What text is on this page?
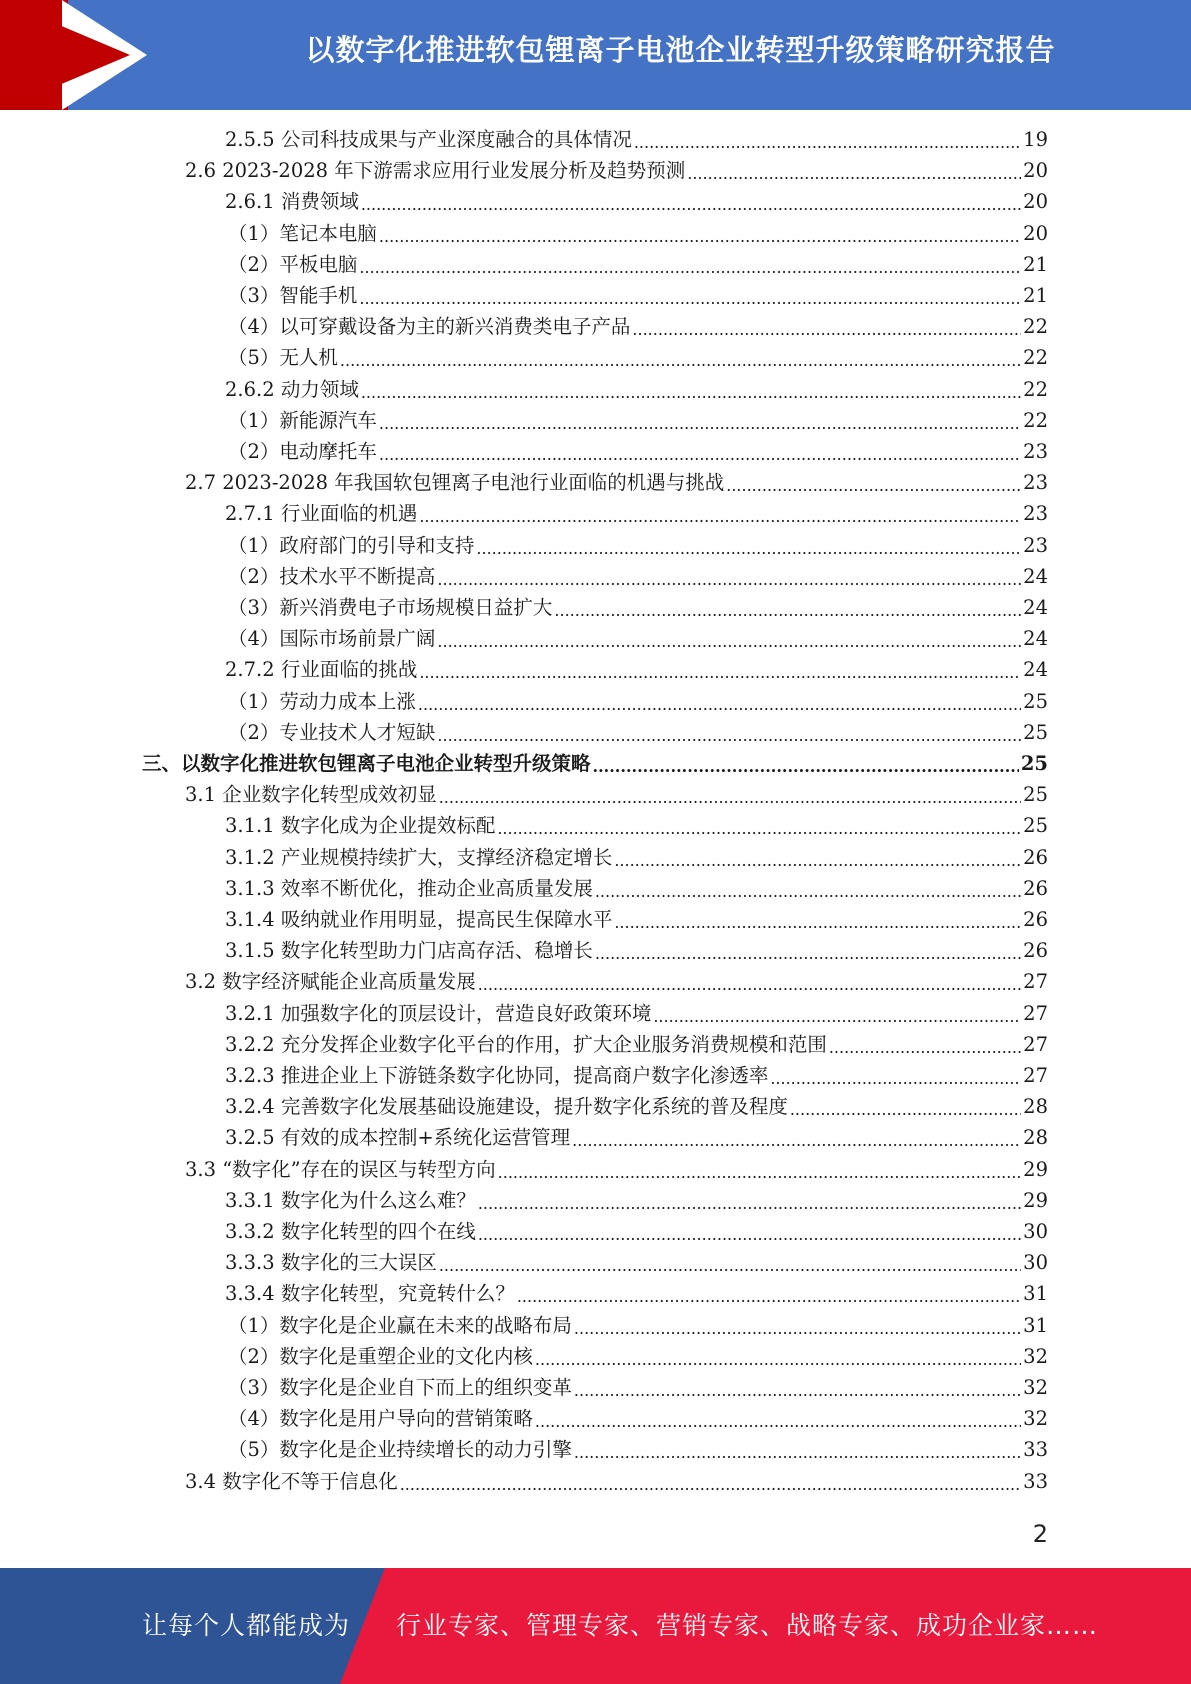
以数字化推进软包锂离子电池企业转型升级策略研究报告
2.5.5 公司科技成果与产业深度融合的具体情况 .....	19
2.6 2023-2028 年下游需求应用行业发展分析及趋势预测 .....	20
2.6.1 消费领域 .....	20
（1）笔记本电脑 .....	20
（2）平板电脑 .....	21
（3）智能手机 .....	21
（4）以可穿戴设备为主的新兴消费类电子产品 .....	22
（5）无人机 .....	22
2.6.2 动力领域 .....	22
（1）新能源汽车 .....	22
（2）电动摩托车 .....	23
2.7 2023-2028 年我国软包锂离子电池行业面临的机遇与挑战 .....	23
2.7.1 行业面临的机遇 .....	23
（1）政府部门的引导和支持 .....	23
（2）技术水平不断提高 .....	24
（3）新兴消费电子市场规模日益扩大 .....	24
（4）国际市场前景广阔 .....	24
2.7.2 行业面临的挑战 .....	24
（1）劳动力成本上涨 .....	25
（2）专业技术人才短缺 .....	25
三、以数字化推进软包锂离子电池企业转型升级策略 .....	25
3.1 企业数字化转型成效初显 .....	25
3.1.1 数字化成为企业提效标配 .....	25
3.1.2 产业规模持续扩大，支撑经济稳定增长 .....	26
3.1.3 效率不断优化，推动企业高质量发展 .....	26
3.1.4 吸纳就业作用明显，提高民生保障水平 .....	26
3.1.5 数字化转型助力门店高存活、稳增长 .....	26
3.2 数字经济赋能企业高质量发展 .....	27
3.2.1 加强数字化的顶层设计，营造良好政策环境 .....	27
3.2.2 充分发挥企业数字化平台的作用，扩大企业服务消费规模和范围 .....	27
3.2.3 推进企业上下游链条数字化协同，提高商户数字化渗透率 .....	27
3.2.4 完善数字化发展基础设施建设，提升数字化系统的普及程度 .....	28
3.2.5 有效的成本控制+系统化运营管理 .....	28
3.3 “数字化”存在的误区与转型方向 .....	29
3.3.1 数字化为什么这么难？ .....	29
3.3.2 数字化转型的四个在线 .....	30
3.3.3 数字化的三大误区 .....	30
3.3.4 数字化转型，究竟转什么？ .....	31
（1）数字化是企业赢在未来的战略布局 .....	31
（2）数字化是重塑企业的文化内核 .....	32
（3）数字化是企业自下而上的组织变革 .....	32
（4）数字化是用户导向的营销策略 .....	32
（5）数字化是企业持续增长的动力引擎 .....	33
3.4 数字化不等于信息化 .....	33
2
让每个人都能成为 行业专家、管理专家、营销专家、战略专家、成功企业家……
